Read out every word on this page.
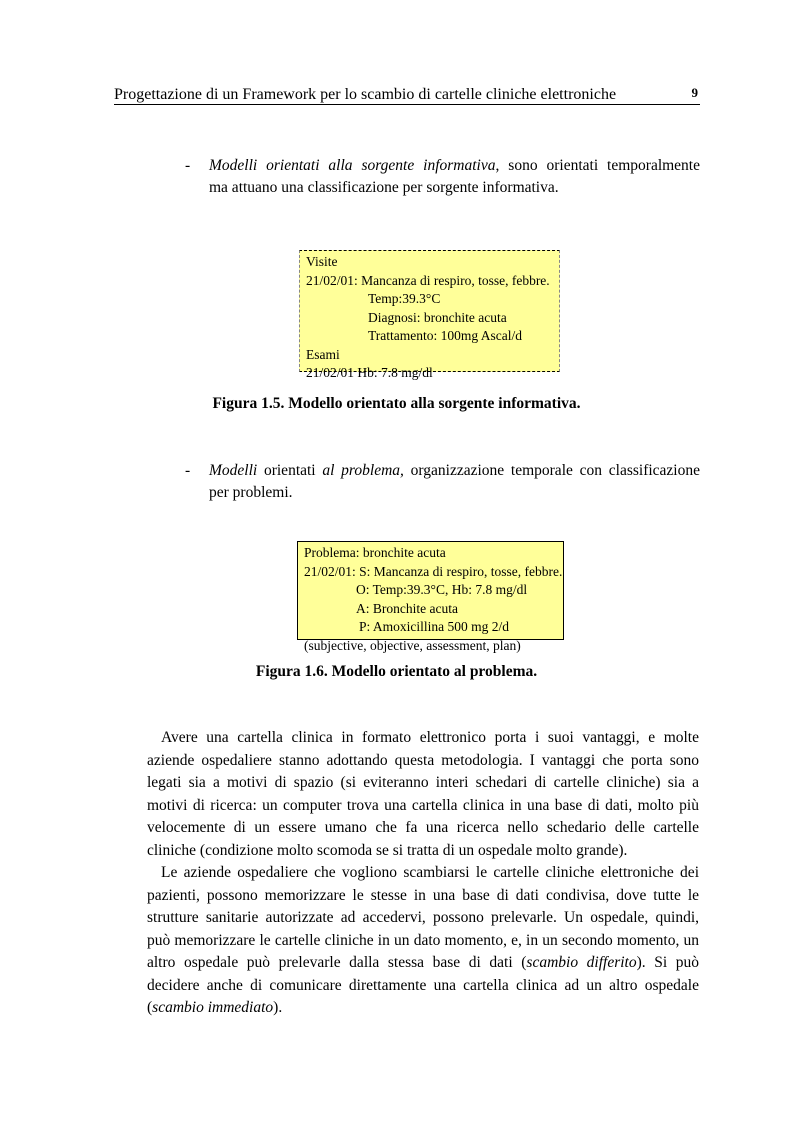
Progettazione di un Framework per lo scambio di cartelle cliniche elettroniche	9
- Modelli orientati alla sorgente informativa, sono orientati temporalmente
ma attuano una classificazione per sorgente informativa.
Visite
21/02/01: Mancanza di respiro, tosse, febbre.
Temp:39.3°C
Diagnosi: bronchite acuta
Trattamento: 100mg Ascal/d
Esami
21/02/01 Hb: 7.8 mg/dl
Figura 1.5. Modello orientato alla sorgente informativa.
- Modelli orientati al problema, organizzazione temporale con classificazione
per problemi.
Problema: bronchite acuta
21/02/01: S: Mancanza di respiro, tosse, febbre.
O: Temp:39.3°C, Hb: 7.8 mg/dl
A: Bronchite acuta
P: Amoxicillina 500 mg 2/d
(subjective, objective, assessment, plan)
Figura 1.6. Modello orientato al problema.
Avere una cartella clinica in formato elettronico porta i suoi vantaggi, e molte
aziende ospedaliere stanno adottando questa metodologia. I vantaggi che porta sono
legati sia a motivi di spazio (si eviteranno interi schedari di cartelle cliniche) sia a
motivi di ricerca: un computer trova una cartella clinica in una base di dati, molto più
velocemente di un essere umano che fa una ricerca nello schedario delle cartelle
cliniche (condizione molto scomoda se si tratta di un ospedale molto grande).
Le aziende ospedaliere che vogliono scambiarsi le cartelle cliniche elettroniche dei
pazienti, possono memorizzare le stesse in una base di dati condivisa, dove tutte le
strutture sanitarie autorizzate ad accedervi, possono prelevarle. Un ospedale, quindi,
può memorizzare le cartelle cliniche in un dato momento, e, in un secondo momento, un
altro ospedale può prelevarle dalla stessa base di dati (scambio differito). Si può
decidere anche di comunicare direttamente una cartella clinica ad un altro ospedale
(scambio immediato).
